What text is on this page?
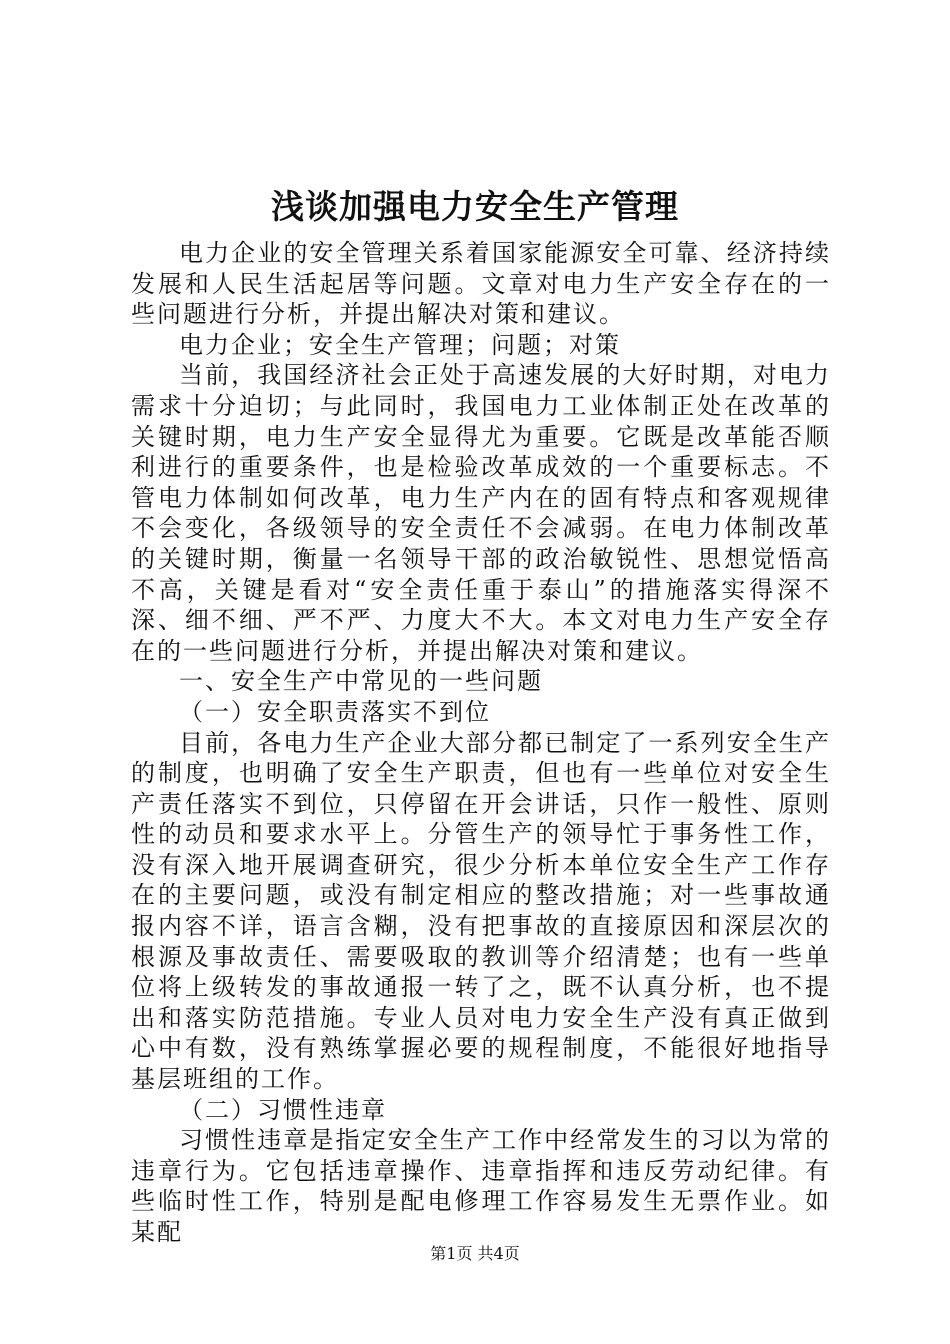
浅谈加强电力安全生产管理

电力企业的安全管理关系着国家能源安全可靠、经济持续发展和人民生活起居等问题。文章对电力生产安全存在的一些问题进行分析，并提出解决对策和建议。

电力企业；安全生产管理；问题；对策

当前，我国经济社会正处于高速发展的大好时期，对电力需求十分迫切；与此同时，我国电力工业体制正处在改革的关键时期，电力生产安全显得尤为重要。它既是改革能否顺利进行的重要条件，也是检验改革成效的一个重要标志。不管电力体制如何改革，电力生产内在的固有特点和客观规律不会变化，各级领导的安全责任不会减弱。在电力体制改革的关键时期，衡量一名领导干部的政治敏锐性、思想觉悟高不高，关键是看对“安全责任重于泰山”的措施落实得深不深、细不细、严不严、力度大不大。本文对电力生产安全存在的一些问题进行分析，并提出解决对策和建议。

一、安全生产中常见的一些问题

（一）安全职责落实不到位

目前，各电力生产企业大部分都已制定了一系列安全生产的制度，也明确了安全生产职责，但也有一些单位对安全生产责任落实不到位，只停留在开会讲话，只作一般性、原则性的动员和要求水平上。分管生产的领导忙于事务性工作，没有深入地开展调查研究，很少分析本单位安全生产工作存在的主要问题，或没有制定相应的整改措施；对一些事故通报内容不详，语言含糊，没有把事故的直接原因和深层次的根源及事故责任、需要吸取的教训等介绍清楚；也有一些单位将上级转发的事故通报一转了之，既不认真分析，也不提出和落实防范措施。专业人员对电力安全生产没有真正做到心中有数，没有熟练掌握必要的规程制度，不能很好地指导基层班组的工作。

（二）习惯性违章

习惯性违章是指定安全生产工作中经常发生的习以为常的违章行为。它包括违章操作、违章指挥和违反劳动纪律。有些临时性工作，特别是配电修理工作容易发生无票作业。如某配

第1页 共4页
